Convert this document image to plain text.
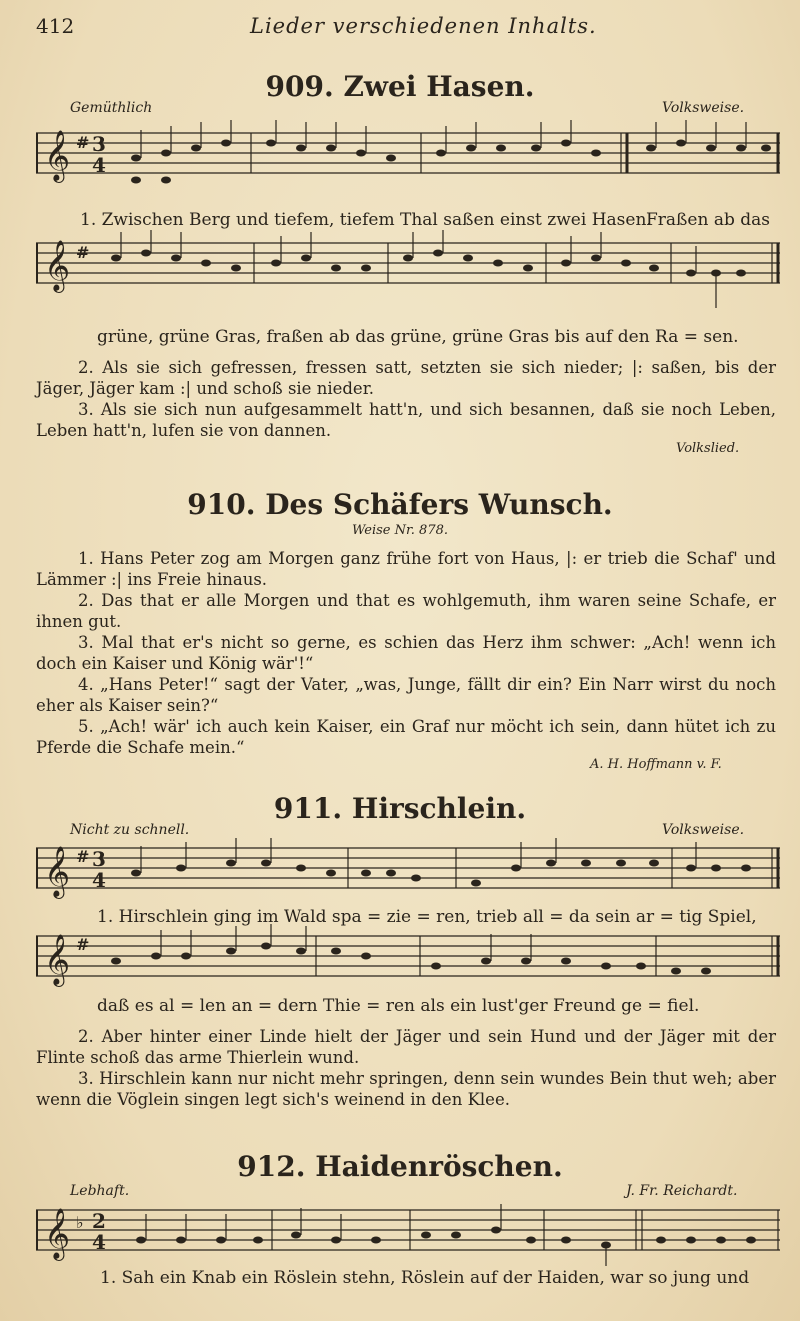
412	Lieder verschiedenen Inhalts.
909. Zwei Hasen.
Gemüthlich	Volksweise.
𝄞 # 3
4
1. Zwischen Berg und tiefem, tiefem Thal saßen einst zwei Hasen.
Fraßen ab das
𝄞 #
grüne, grüne Gras, fraßen ab das grüne, grüne Gras bis auf den Ra = sen.

2. Als sie sich gefressen, fressen satt, setzten sie sich nieder; |: saßen, bis der Jäger, Jäger kam :| und schoß sie nieder.

3. Als sie sich nun aufgesammelt hatt'n, und sich besannen, daß sie noch Leben, Leben hatt'n, lufen sie von dannen.

Volkslied.
910. Des Schäfers Wunsch.
Weise Nr. 878.

1. Hans Peter zog am Morgen ganz frühe fort von Haus, |: er trieb die Schaf' und Lämmer :| ins Freie hinaus.

2. Das that er alle Morgen und that es wohlgemuth, ihm waren seine Schafe, er ihnen gut.

3. Mal that er's nicht so gerne, es schien das Herz ihm schwer: „Ach! wenn ich doch ein Kaiser und König wär'!“

4. „Hans Peter!“ sagt der Vater, „was, Junge, fällt dir ein? Ein Narr wirst du noch eher als Kaiser sein?“

5. „Ach! wär' ich auch kein Kaiser, ein Graf nur möcht ich sein, dann hütet ich zu Pferde die Schafe mein.“

A. H. Hoffmann v. F.
911. Hirschlein.
Nicht zu schnell.	Volksweise.
𝄞 # 3
4
1. Hirschlein ging im Wald spa = zie = ren, trieb all = da sein ar = tig Spiel,
𝄞 #
daß es al = len an = dern Thie = ren als ein lust'ger Freund ge = fiel.

2. Aber hinter einer Linde hielt der Jäger und sein Hund und der Jäger mit der Flinte schoß das arme Thierlein wund.

3. Hirschlein kann nur nicht mehr springen, denn sein wundes Bein thut weh; aber wenn die Vöglein singen legt sich's weinend in den Klee.

912. Haidenröschen.
Lebhaft.	J. Fr. Reichardt.
𝄞 ♭ 2
4
1. Sah ein Knab ein Röslein stehn, Röslein auf der Haiden, war so jung und
